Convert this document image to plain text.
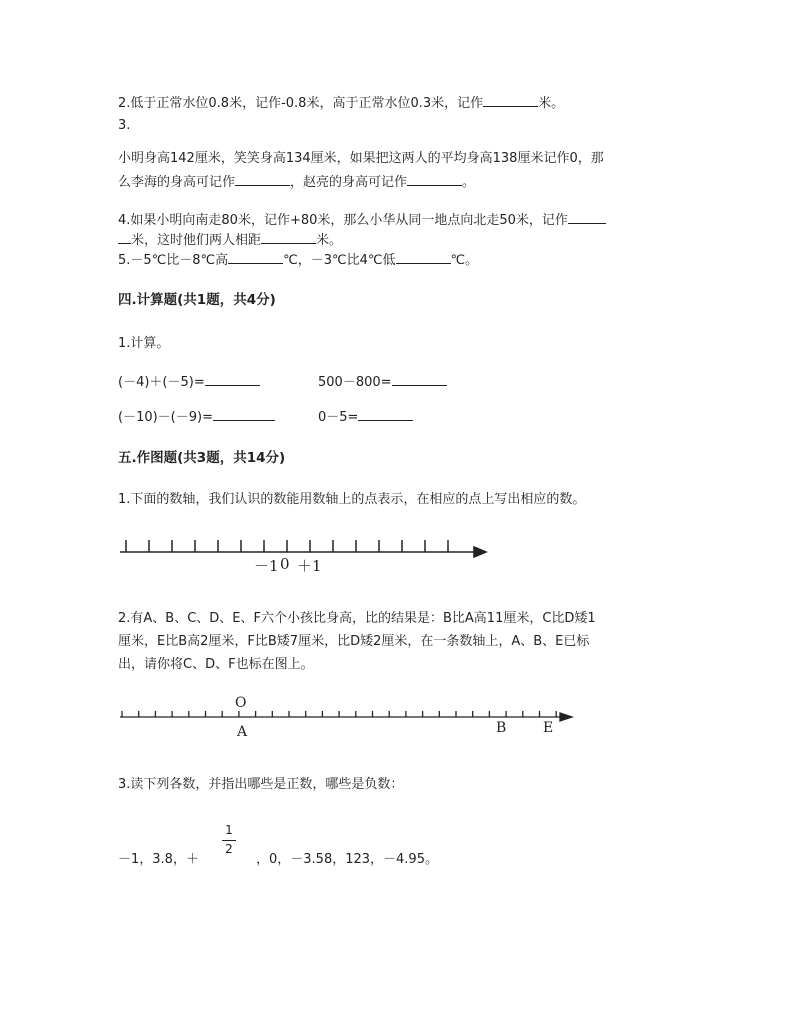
2.低于正常水位0.8米，记作-0.8米，高于正常水位0.3米，记作	米。
3.
小明身高142厘米，笑笑身高134厘米，如果把这两人的平均身高138厘米记作0，那
么李海的身高可记作	，赵亮的身高可记作	。
4.如果小明向南走80米，记作+80米，那么小华从同一地点向北走50米，记作
米，这时他们两人相距	米。
5.－5℃比－8℃高	℃，－3℃比4℃低	℃。
四.计算题(共1题，共4分)
1.计算。
(－4)＋(－5)=	500－800=
(－10)－(－9)=	0－5=
五.作图题(共3题，共14分)
1.下面的数轴，我们认识的数能用数轴上的点表示，在相应的点上写出相应的数。
－1 0 ＋1
2.有A、B、C、D、E、F六个小孩比身高，比的结果是：B比A高11厘米，C比D矮1
厘米，E比B高2厘米，F比B矮7厘米，比D矮2厘米，在一条数轴上，A、B、E已标
出，请你将C、D、F也标在图上。
O
A	B	E
3.读下列各数，并指出哪些是正数，哪些是负数：
－1，3.8，＋
1
2
，0，－3.58，123，－4.95。
